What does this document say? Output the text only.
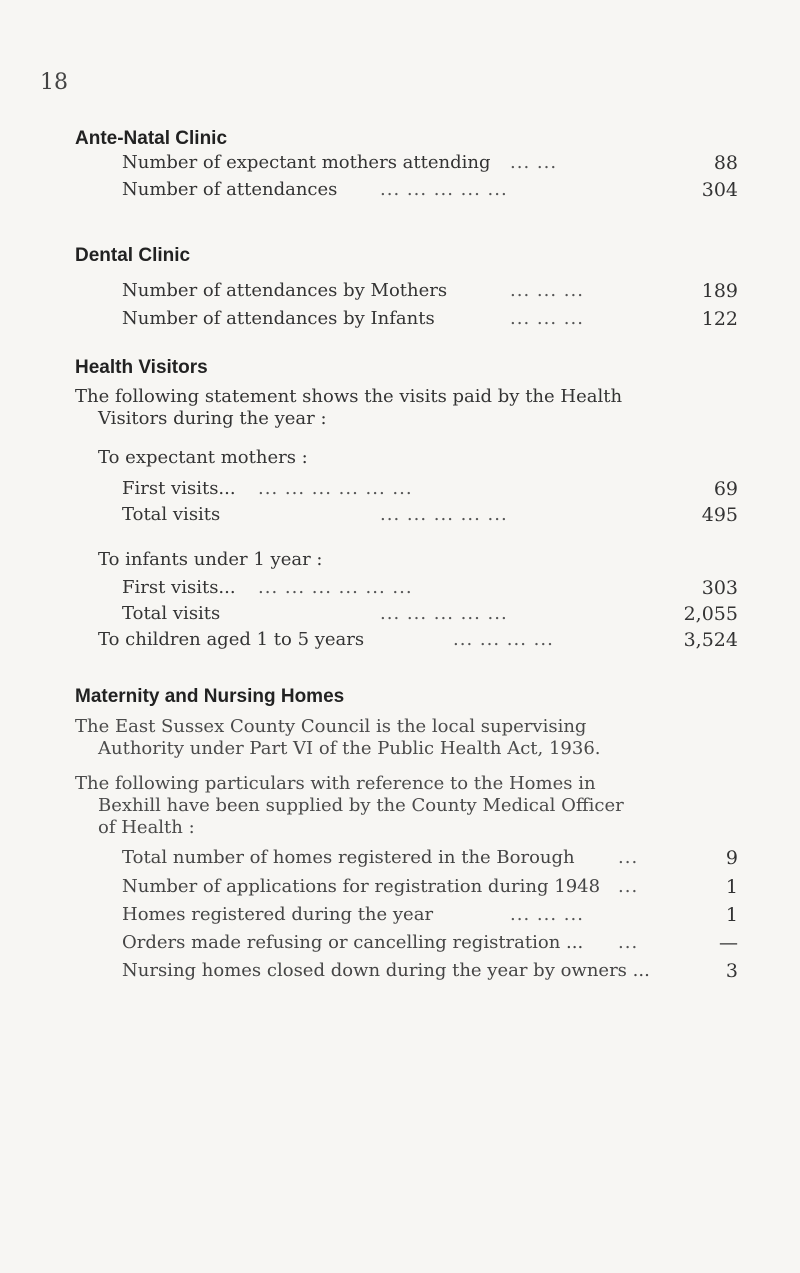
18
Ante-Natal Clinic
Number of expectant mothers attending ... ...	88
Number of attendances ... ... ... ... ...	304
Dental Clinic
Number of attendances by Mothers	... ... ...	189
Number of attendances by Infants	... ... ...	122
Health Visitors
The following statement shows the visits paid by the Health
Visitors during the year :
To expectant mothers :
First visits... ... ... ... ... ... ...	69
Total visits	... ... ... ... ...	495
To infants under 1 year :
First visits... ... ... ... ... ... ...	303
Total visits	... ... ... ... ...	2,055
To children aged 1 to 5 years	... ... ... ...	3,524
Maternity and Nursing Homes
The East Sussex County Council is the local supervising
Authority under Part VI of the Public Health Act, 1936.
The following particulars with reference to the Homes in
Bexhill have been supplied by the County Medical Officer
of Health :
Total number of homes registered in the Borough ...	9
Number of applications for registration during 1948 ...	1
Homes registered during the year	... ... ...	1
Orders made refusing or cancelling registration ... ...	—
Nursing homes closed down during the year by owners ...	3
